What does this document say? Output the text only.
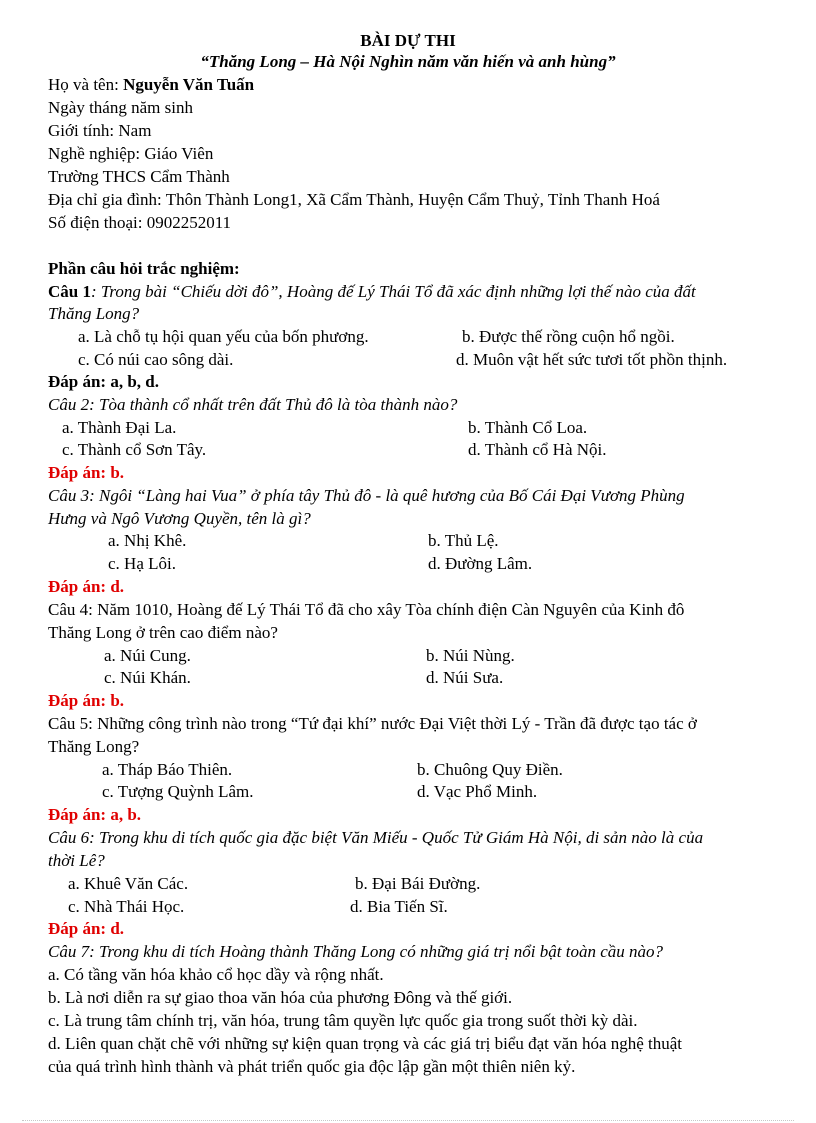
BÀI DỰ THI
“Thăng Long – Hà Nội Nghìn năm văn hiến và anh hùng”
Họ và tên: Nguyễn Văn Tuấn
Ngày tháng năm sinh
Giới tính: Nam
Nghề nghiệp: Giáo Viên
Trường THCS Cẩm Thành
Địa chỉ gia đình: Thôn Thành Long1, Xã Cẩm Thành, Huyện Cẩm Thuỷ, Tỉnh Thanh Hoá
Số điện thoại: 0902252011
Phần câu hỏi trắc nghiệm:
Câu 1: Trong bài “Chiếu dời đô”, Hoàng đế Lý Thái Tổ đã xác định những lợi thế nào của đất
Thăng Long?
a. Là chỗ tụ hội quan yếu của bốn phương.	b. Được thế rồng cuộn hổ ngồi.
c. Có núi cao sông dài.	d. Muôn vật hết sức tươi tốt phồn thịnh.
Đáp án: a, b, d.
Câu 2: Tòa thành cổ nhất trên đất Thủ đô là tòa thành nào?
a. Thành Đại La.	b. Thành Cổ Loa.
c. Thành cổ Sơn Tây.	d. Thành cổ Hà Nội.
Đáp án: b.
Câu 3: Ngôi “Làng hai Vua” ở phía tây Thủ đô - là quê hương của Bố Cái Đại Vương Phùng
Hưng và Ngô Vương Quyền, tên là gì?
a. Nhị Khê.	b. Thủ Lệ.
c. Hạ Lôi.	d. Đường Lâm.
Đáp án: d.
Câu 4: Năm 1010, Hoàng đế Lý Thái Tổ đã cho xây Tòa chính điện Càn Nguyên của Kinh đô
Thăng Long ở trên cao điểm nào?
a. Núi Cung.	b. Núi Nùng.
c. Núi Khán.	d. Núi Sưa.
Đáp án: b.
Câu 5: Những công trình nào trong “Tứ đại khí” nước Đại Việt thời Lý - Trần đã được tạo tác ở
Thăng Long?
a. Tháp Báo Thiên.	b. Chuông Quy Điền.
c. Tượng Quỳnh Lâm.	d. Vạc Phổ Minh.
Đáp án: a, b.
Câu 6: Trong khu di tích quốc gia đặc biệt Văn Miếu - Quốc Tử Giám Hà Nội, di sản nào là của
thời Lê?
a. Khuê Văn Các.	b. Đại Bái Đường.
c. Nhà Thái Học.	d. Bia Tiến Sĩ.
Đáp án: d.
Câu 7: Trong khu di tích Hoàng thành Thăng Long có những giá trị nổi bật toàn cầu nào?
a. Có tầng văn hóa khảo cổ học dầy và rộng nhất.
b. Là nơi diễn ra sự giao thoa văn hóa của phương Đông và thế giới.
c. Là trung tâm chính trị, văn hóa, trung tâm quyền lực quốc gia trong suốt thời kỳ dài.
d. Liên quan chặt chẽ với những sự kiện quan trọng và các giá trị biểu đạt văn hóa nghệ thuật
của quá trình hình thành và phát triển quốc gia độc lập gần một thiên niên kỷ.
